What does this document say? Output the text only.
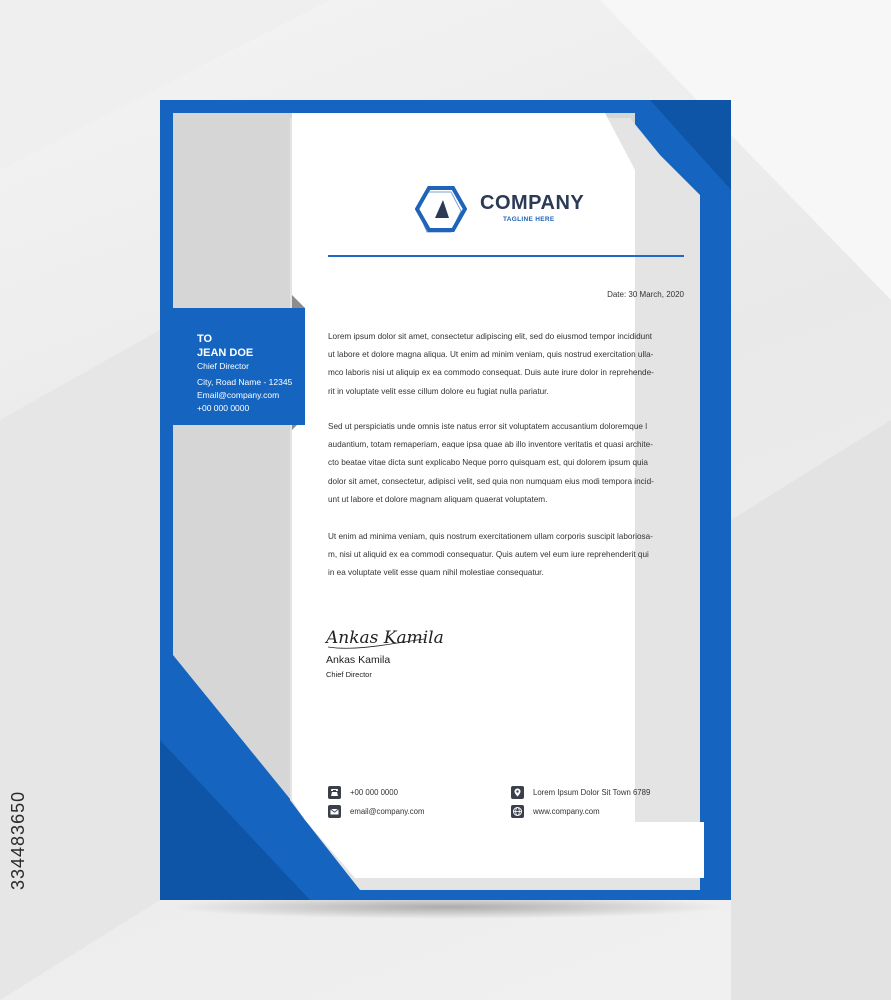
COMPANY
TAGLINE HERE
TO
JEAN DOE
Chief Director
City, Road Name - 12345
Email@company.com
+00 000 0000
Date: 30 March, 2020

Lorem ipsum dolor sit amet, consectetur adipiscing elit, sed do eiusmod tempor incididunt
ut labore et dolore magna aliqua. Ut enim ad minim veniam, quis nostrud exercitation ulla-
mco laboris nisi ut aliquip ex ea commodo consequat. Duis aute irure dolor in reprehende-
rit in voluptate velit esse cillum dolore eu fugiat nulla pariatur.

Sed ut perspiciatis unde omnis iste natus error sit voluptatem accusantium doloremque l
audantium, totam remaperiam, eaque ipsa quae ab illo inventore veritatis et quasi archite-
cto beatae vitae dicta sunt explicabo Neque porro quisquam est, qui dolorem ipsum quia
dolor sit amet, consectetur, adipisci velit, sed quia non numquam eius modi tempora incid-
unt ut labore et dolore magnam aliquam quaerat voluptatem.

Ut enim ad minima veniam, quis nostrum exercitationem ullam corporis suscipit laboriosa-
m, nisi ut aliquid ex ea commodi consequatur. Quis autem vel eum iure reprehenderit qui
in ea voluptate velit esse quam nihil molestiae consequatur.

Ankas Kamila
Ankas Kamila
Chief Director
+00 000 0000
email@company.com
Lorem Ipsum Dolor Sit Town 6789
www.company.com
334483650
